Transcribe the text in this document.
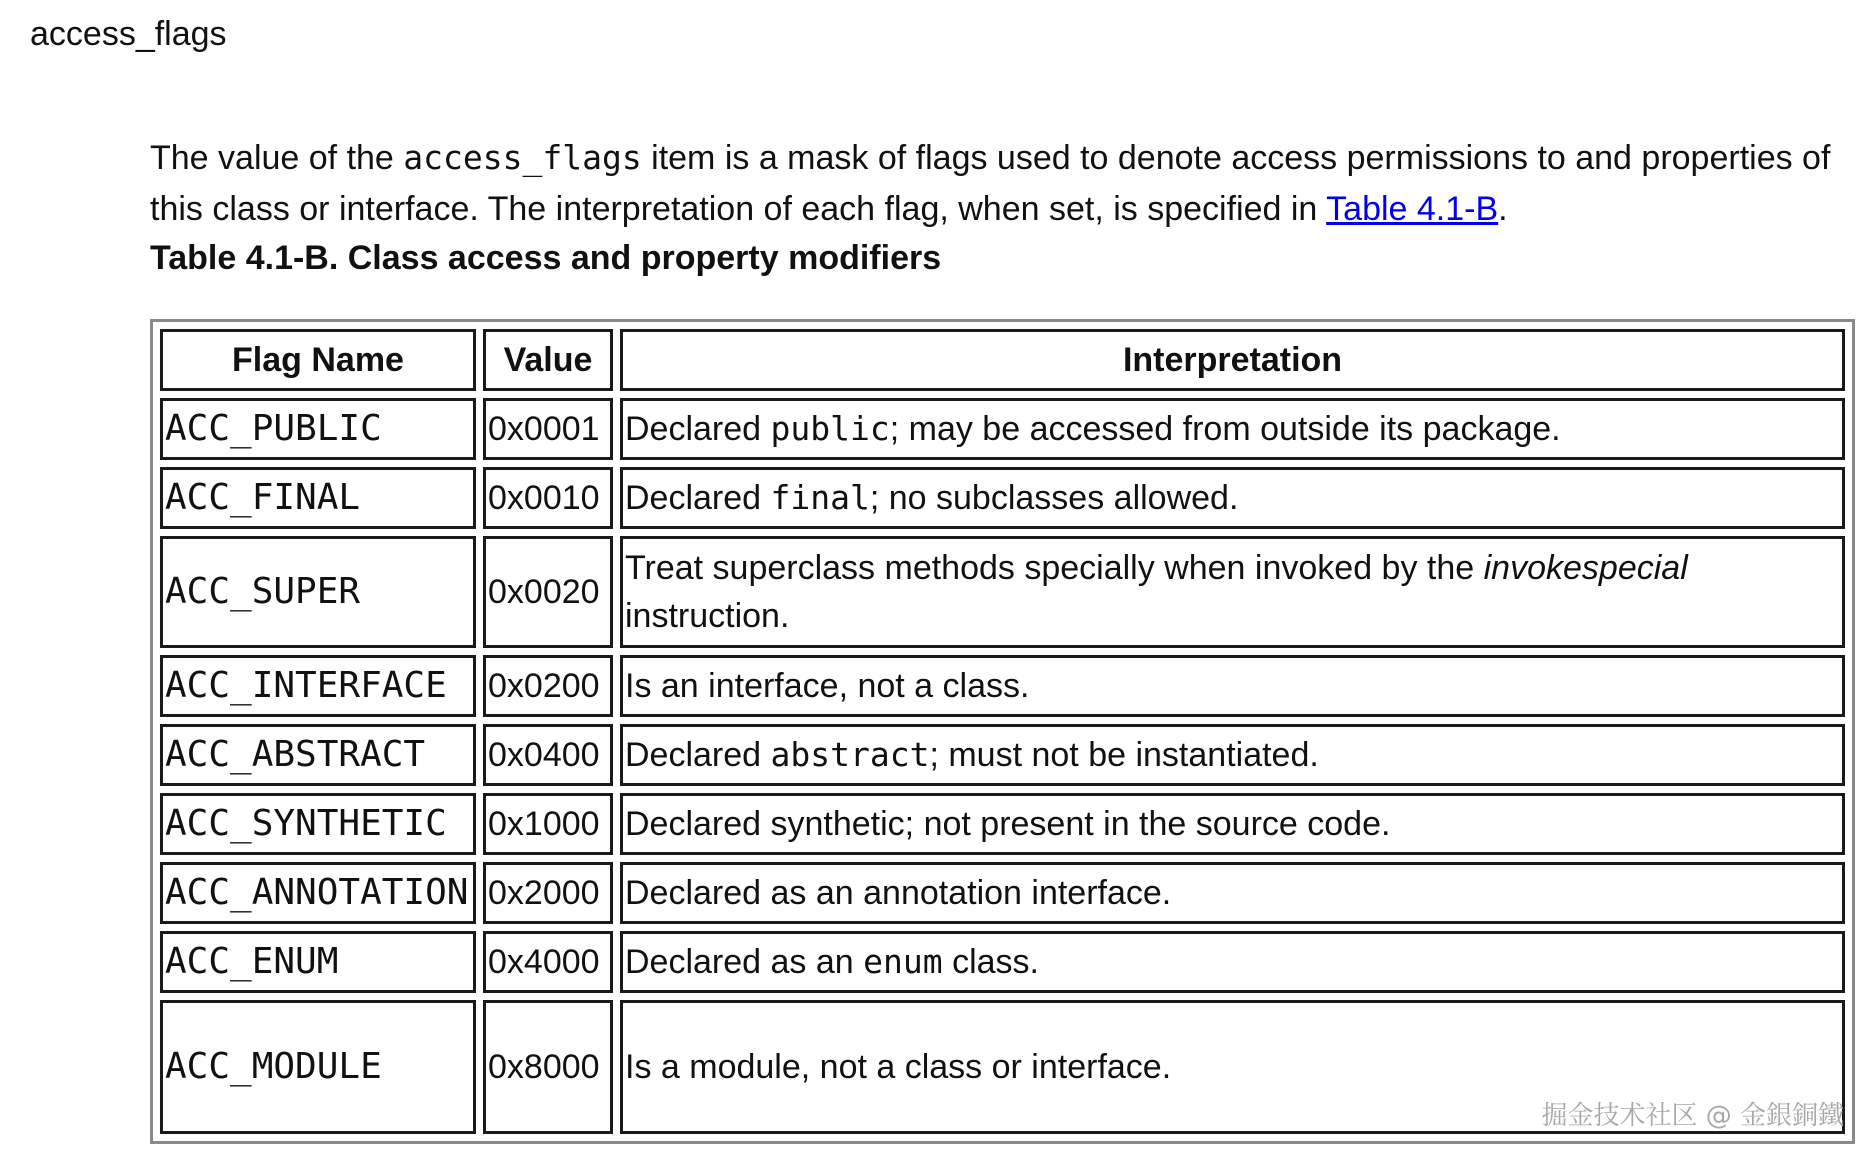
access_flags

The value of the access_flags item is a mask of flags used to denote access permissions to and properties of this class or interface. The interpretation of each flag, when set, is specified in Table 4.1-B.

Table 4.1-B. Class access and property modifiers
Flag Name	Value	Interpretation
ACC_PUBLIC	0x0001	Declared public; may be accessed from outside its package.
ACC_FINAL	0x0010	Declared final; no subclasses allowed.
ACC_SUPER	0x0020	Treat superclass methods specially when invoked by the invokespecial instruction.
ACC_INTERFACE	0x0200	Is an interface, not a class.
ACC_ABSTRACT	0x0400	Declared abstract; must not be instantiated.
ACC_SYNTHETIC	0x1000	Declared synthetic; not present in the source code.
ACC_ANNOTATION	0x2000	Declared as an annotation interface.
ACC_ENUM	0x4000	Declared as an enum class.
ACC_MODULE	0x8000	Is a module, not a class or interface.
掘金技术社区 @ 金銀銅鐵
